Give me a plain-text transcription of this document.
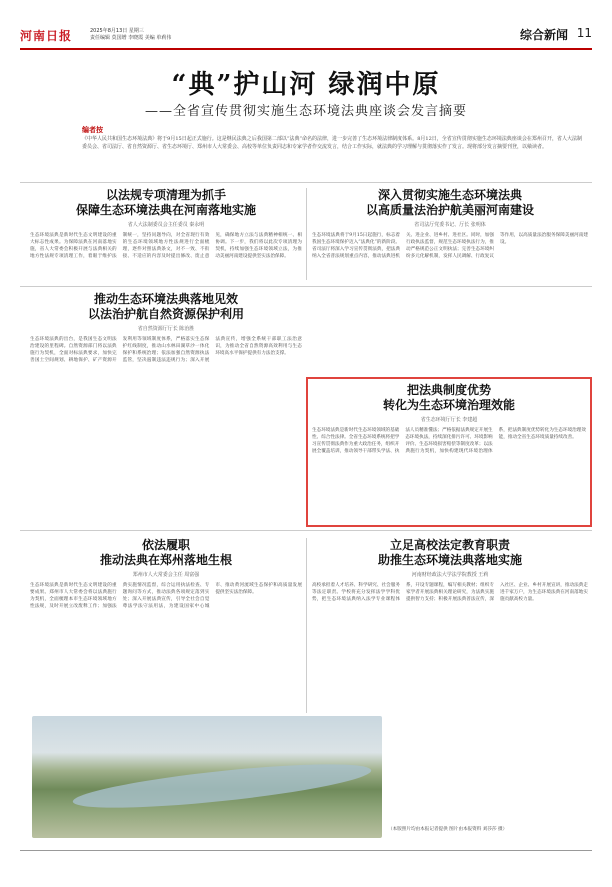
河南日报	2025年8月13日 星期三
责任编辑 莫国增 李晓霞 美编 单莉伟	综合新闻 11
“典”护山河 绿润中原
——全省宣传贯彻实施生态环境法典座谈会发言摘要
编者按
《中华人民共和国生态环境法典》将于9月15日起正式施行。这是继民法典之后我国第二部以“法典”命名的法律，进一步完善了生态环境法律制度体系。8月12日，全省宣传贯彻实施生态环境法典座谈会在郑州召开，省人大法制委员会、省司法厅、省自然资源厅、省生态环境厅、郑州市人大常委会、高校等单位负责同志和专家学者作交流发言，结合工作实际，就法典的学习理解与贯彻落实作了发言。现将部分发言摘要刊登，以飨读者。
以法规专项清理为抓手
保障生态环境法典在河南落地实施
省人大法制委员会主任委员 秦永明
生态环境法典是新时代生态文明建设的重大标志性成果。为保障法典在河南落地实施，省人大常委会积极开展与法典相关的地方性法规专项清理工作，着眼于维护法制统一，坚持问题导向，对全省现行有效的生态环境领域地方性法规进行全面梳理，逐件对照法典条文，对不一致、不衔接、不适应的内容及时提出修改、废止意见，确保地方立法与法典精神相统一、相协调。下一步，我们将以此次专项清理为契机，持续加强生态环境领域立法，为推动美丽河南建设提供坚实法治保障。
深入贯彻实施生态环境法典
以高质量法治护航美丽河南建设
省司法厅党委书记、厅长 张明体
生态环境法典将于9月15日起施行，标志着我国生态环境保护迈入“法典化”的新阶段。省司法厅将深入学习宣传贯彻法典，把法典纳入全省普法规划重点内容，推动法典进机关、进企业、进乡村、进社区。同时，加强行政执法监督，规范生态环境执法行为，推动严格规范公正文明执法；完善生态环境纠纷多元化解机制，发挥人民调解、行政复议等作用，以高质量法治服务保障美丽河南建设。
推动生态环境法典落地见效
以法治护航自然资源保护利用
省自然资源厅厅长 陈治胜
生态环境法典的出台，是我国生态文明法治建设的里程碑。自然资源部门将以法典施行为契机，全面对标法典要求，加快完善国土空间规划、耕地保护、矿产资源开发利用等领域制度体系，严格落实生态保护红线制度，推动山水林田湖草沙一体化保护和系统治理；依法加强自然资源执法监管，坚决遏制违法违规行为；深入开展法典宣传，增强全系统干部职工法治意识，为推动全省自然资源高效利用与生态环境高水平保护提供有力法治支撑。
把法典制度优势
转化为生态环境治理效能
省生态环境厅厅长 李建超
生态环境法典是新时代生态环境领域的基础性、综合性法律。全省生态环境系统将把学习宣传贯彻法典作为重大政治任务，组织开展全覆盖培训，推动领导干部带头学法、执法人员精准懂法；严格依据法典规定开展生态环境执法，持续深化排污许可、环境影响评价、生态环境损害赔偿等制度改革；以法典施行为契机，加快构建现代环境治理体系，把法典制度优势转化为生态环境治理效能，推动全省生态环境质量持续改善。
依法履职
推动法典在郑州落地生根
郑州市人大常委会主任 周富强
生态环境法典是新时代生态文明建设的重要成果。郑州市人大常委会将以法典施行为契机，全面梳理本市生态环境领域地方性法规，及时开展立改废释工作；加强法典实施情况监督，综合运用执法检查、专题询问等方式，推动法典各项规定落到实处；深入开展法典宣传，引导全社会自觉尊法学法守法用法，为建设国家中心城市、推动黄河流域生态保护和高质量发展提供坚实法治保障。
立足高校法定教育职责
助推生态环境法典落地实施
河南财经政法大学法学院教授 王莉
高校承担着人才培养、科学研究、社会服务等法定职责。学校将充分发挥法学学科优势，把生态环境法典纳入法学专业课程体系，开设专题课程，编写相关教材；组织专家学者开展法典相关理论研究，为法典实施提供智力支持；积极开展法典普法宣传，深入社区、企业、乡村开展宣讲，推动法典走进千家万户，为生态环境法典在河南落地实施贡献高校力量。
（本版照片均由本报记者提供 图片由本报资料 刘莎莎 摄）
